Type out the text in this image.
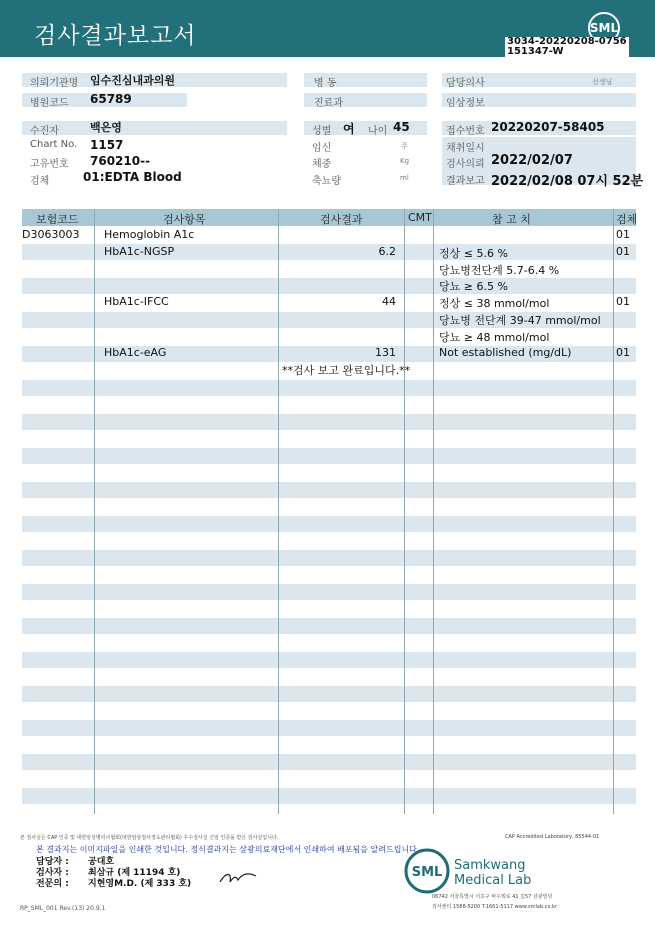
검사결과보고서	SML
3034-20220208-0756
151347-W
의뢰기관명 임수진심내과의원
병원코드 65789
병 동
진료과
담당의사	선생님
임상정보
수진자	백은영
Chart No. 1157
고유번호 760210--
검체	01:EDTA Blood
성별 여 나이 45
임신	주
체중	Kg
축뇨량	ml
접수번호 20220207-58405
채취일시
검사의뢰 2022/02/07
결과보고 2022/02/08 07시 52분
보험코드	검사항목	검사결과	CMT	참 고 치	검체
D3063003 Hemoglobin A1c	01
HbA1c-NGSP	6.2	정상 ≤ 5.6 %	01
당뇨병전단계 5.7-6.4 %
당뇨 ≥ 6.5 %
HbA1c-IFCC	44	정상 ≤ 38 mmol/mol	01
당뇨병 전단계 39-47 mmol/mol
당뇨 ≥ 48 mmol/mol
HbA1c-eAG	131	Not established (mg/dL)	01
**검사 보고 완료입니다.**
본 검사실은 CAP 인증 및 대한임상병리사협회(대한임상검사정도관리협회) 우수검사실 신임 인증을 받은 검사실입니다.	CAP Accredited Laboratory, 85544-01
본 결과지는 이미지파일을 인쇄한 것입니다. 정식결과지는 삼광의료재단에서 인쇄하여 배포됨을 알려드립니다.
담당자 : 공대호
검사자 : 최삼규 (제 11194 호)
전문의 : 지현영M.D. (제 333 호)
SML Samkwang
Medical Lab
06742 서울특별시 서초구 바우뫼로 41 길57 삼광빌딩
검사센터 1588-5200 T.1661-5117 www.smlab.co.kr
RP_SML_001 Rev.(13) 20.9.1
